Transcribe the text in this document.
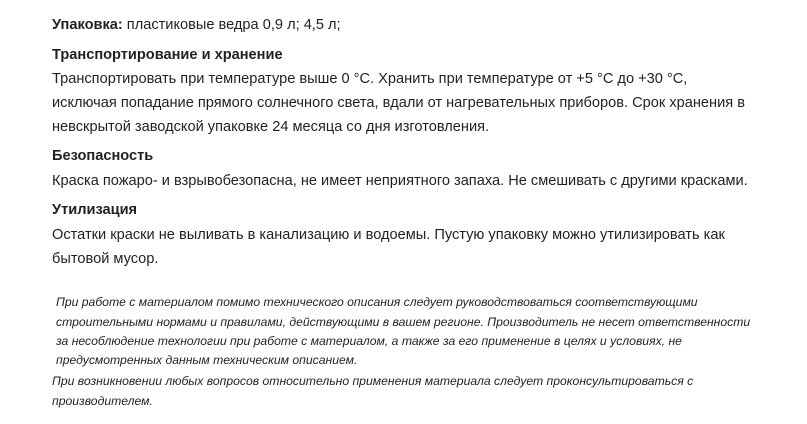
Упаковка: пластиковые ведра 0,9 л; 4,5 л;

Транспортирование и хранение

Транспортировать при температуре выше 0 °С. Хранить при температуре от +5 °С до +30 °С, исключая попадание прямого солнечного света, вдали от нагревательных приборов. Срок хранения в невскрытой заводской упаковке 24 месяца со дня изготовления.

Безопасность

Краска пожаро- и взрывобезопасна, не имеет неприятного запаха. Не смешивать с другими красками.

Утилизация

Остатки краски не выливать в канализацию и водоемы. Пустую упаковку можно утилизировать как бытовой мусор.

При работе с материалом помимо технического описания следует руководствоваться соответствующими строительными нормами и правилами, действующими в вашем регионе. Производитель не несет ответственности за несоблюдение технологии при работе с материалом, а также за его применение в целях и условиях, не предусмотренных данным техническим описанием.

При возникновении любых вопросов относительно применения материала следует проконсультироваться с производителем.
